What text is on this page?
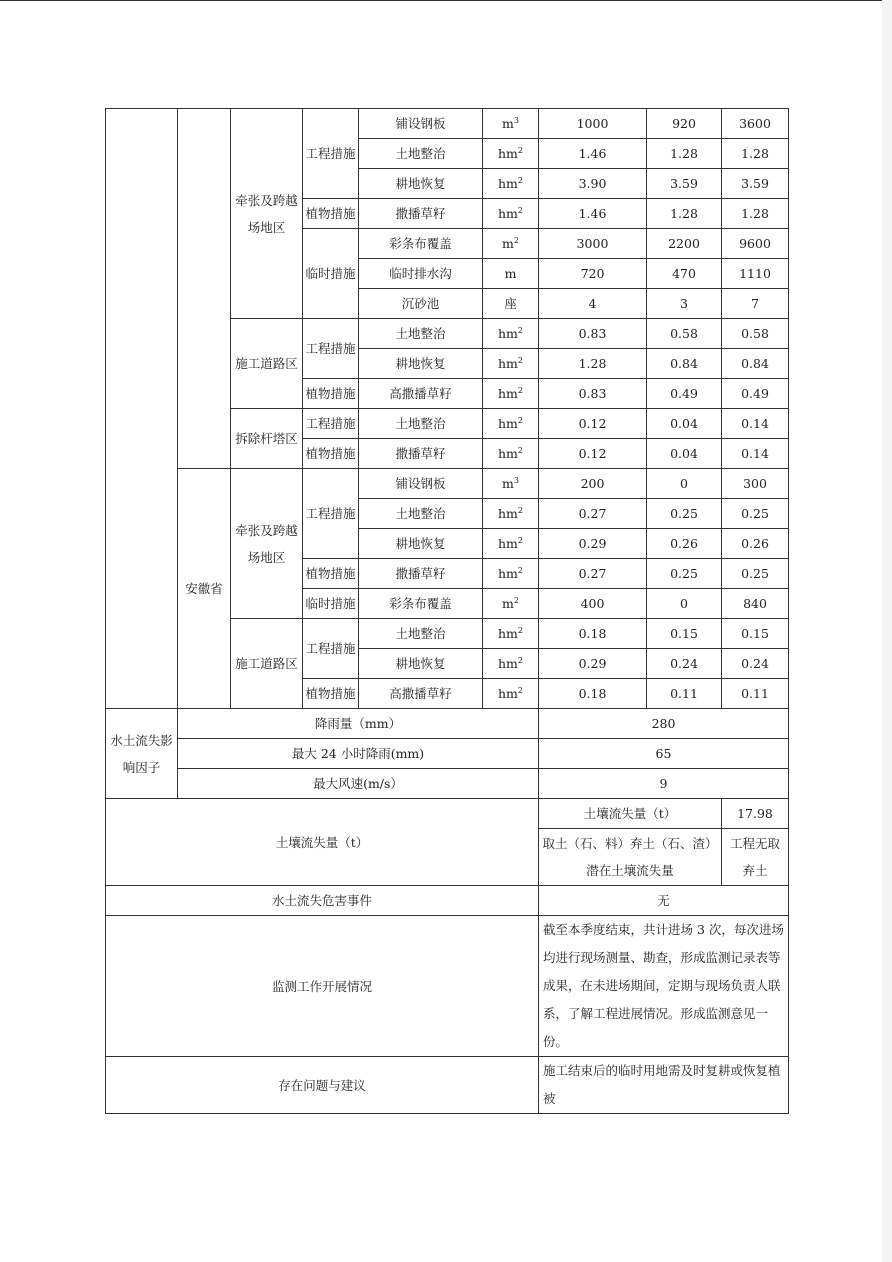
		牵张及跨越场地区	工程措施	铺设钢板	$m^3$	1000	920	3600
				土地整治	$hm^2$	1.46	1.28	1.28
				耕地恢复	$hm^2$	3.90	3.59	3.59
			植物措施	撒播草籽	$hm^2$	1.46	1.28	1.28
			临时措施	彩条布覆盖	$m^2$	3000	2200	9600
				临时排水沟	m	720	470	1110
				沉砂池	座	4	3	7
		施工道路区	工程措施	土地整治	$hm^2$	0.83	0.58	0.58
				耕地恢复	$hm^2$	1.28	0.84	0.84
			植物措施	高撒播草籽	$hm^2$	0.83	0.49	0.49
		拆除杆塔区	工程措施	土地整治	$hm^2$	0.12	0.04	0.14
			植物措施	撒播草籽	$hm^2$	0.12	0.04	0.14
	安徽省	牵张及跨越场地区	工程措施	铺设钢板	$m^3$	200	0	300
				土地整治	$hm^2$	0.27	0.25	0.25
				耕地恢复	$hm^2$	0.29	0.26	0.26
			植物措施	撒播草籽	$hm^2$	0.27	0.25	0.25
			临时措施	彩条布覆盖	$m^2$	400	0	840
		施工道路区	工程措施	土地整治	$hm^2$	0.18	0.15	0.15
				耕地恢复	$hm^2$	0.29	0.24	0.24
			植物措施	高撒播草籽	$hm^2$	0.18	0.11	0.11
水土流失影响因子	降雨量（mm）					280		
	最大 24 小时降雨(mm)					65		
	最大风速(m/s）					9		
土壤流失量（t）						土壤流失量（t）		17.98
						取土（石、料）弃土（石、渣）潜在土壤流失量		工程无取弃土
水土流失危害事件						无		
监测工作开展情况						截至本季度结束，共计进场 3 次，每次进场均进行现场测量、勘查，形成监测记录表等成果，在未进场期间，定期与现场负责人联系，了解工程进展情况。形成监测意见一份。		
存在问题与建议						施工结束后的临时用地需及时复耕或恢复植被		
